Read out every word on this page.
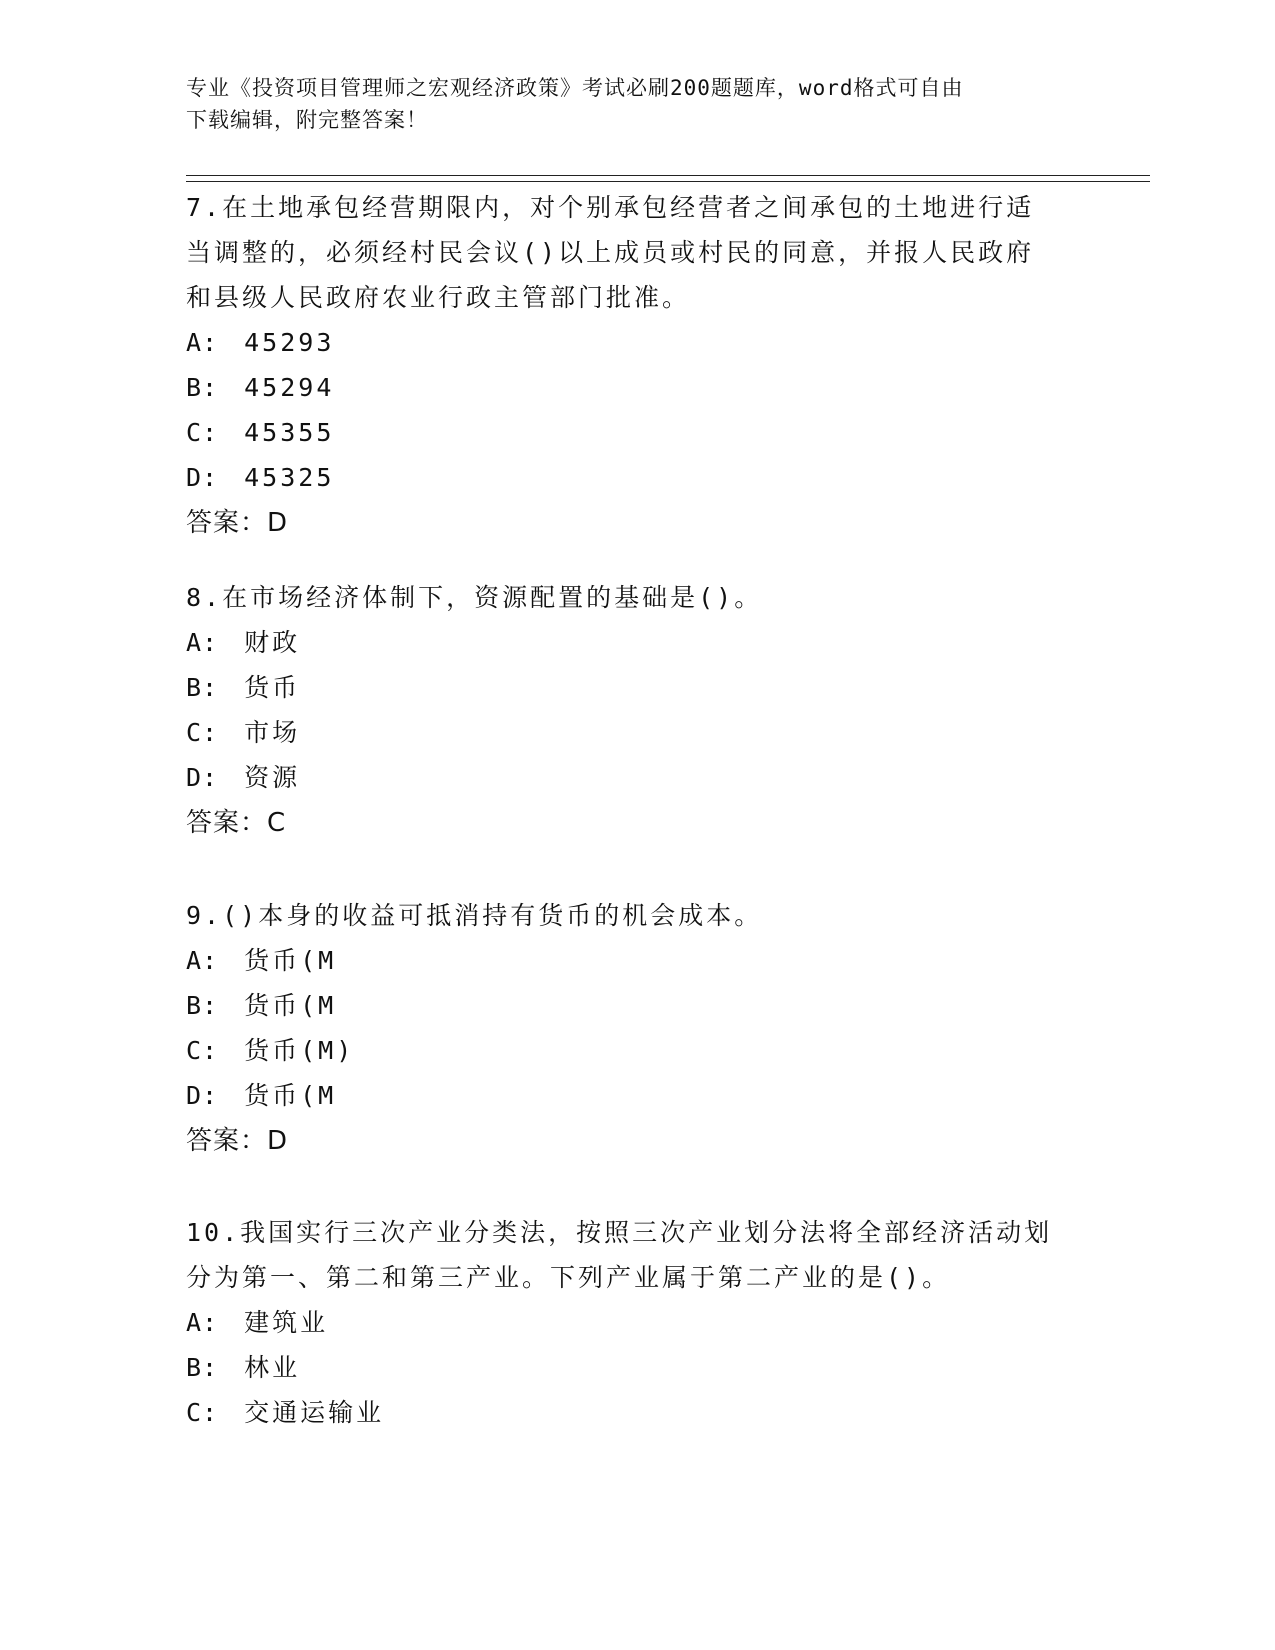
专业《投资项目管理师之宏观经济政策》考试必刷200题题库，word格式可自由
下载编辑，附完整答案！

7.在土地承包经营期限内，对个别承包经营者之间承包的土地进行适

当调整的，必须经村民会议()以上成员或村民的同意，并报人民政府

和县级人民政府农业行政主管部门批准。

A: 45293

B: 45294

C: 45355

D: 45325

答案：D

8.在市场经济体制下，资源配置的基础是()。

A: 财政

B: 货币

C: 市场

D: 资源

答案：C

9.()本身的收益可抵消持有货币的机会成本。

A: 货币(M

B: 货币(M

C: 货币(M)

D: 货币(M

答案：D

10.我国实行三次产业分类法，按照三次产业划分法将全部经济活动划

分为第一、第二和第三产业。下列产业属于第二产业的是()。

A: 建筑业

B: 林业

C: 交通运输业
